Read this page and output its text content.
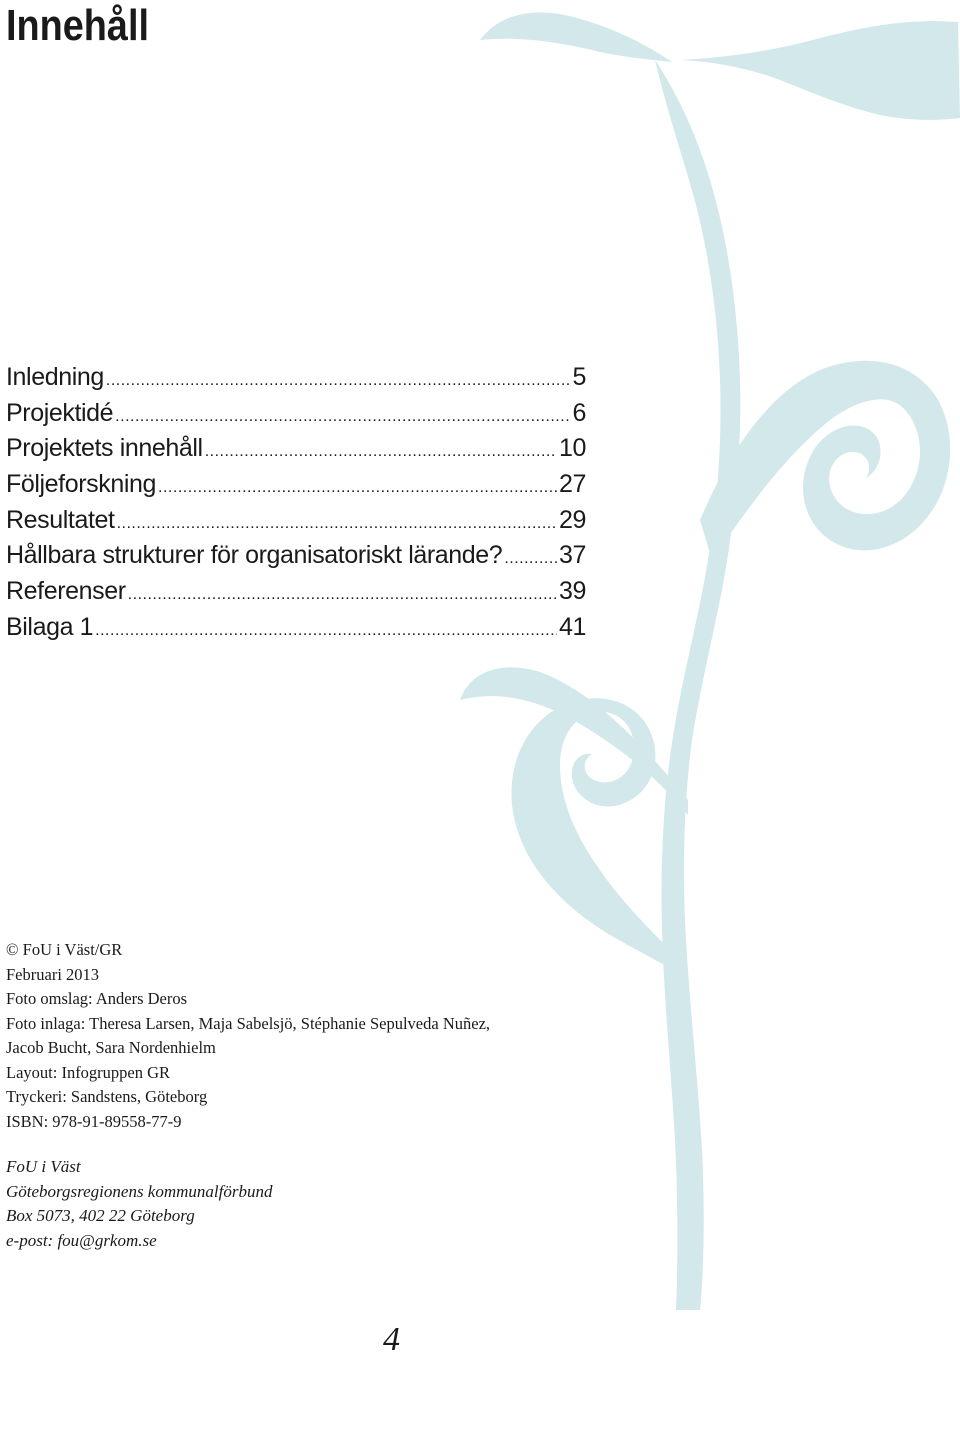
Innehåll
Inledning .....	5
Projektidé .....	6
Projektets innehåll .....	10
Följeforskning .....	27
Resultatet .....	29
Hållbara strukturer för organisatoriskt lärande? ..... 37
Referenser .....	39
Bilaga 1 .....	41

© FoU i Väst/GR

Februari 2013

Foto omslag: Anders Deros

Foto inlaga: Theresa Larsen, Maja Sabelsjö, Stéphanie Sepulveda Nuñez,

Jacob Bucht, Sara Nordenhielm

Layout: Infogruppen GR

Tryckeri: Sandstens, Göteborg

ISBN: 978-91-89558-77-9

FoU i Väst

Göteborgsregionens kommunalförbund

Box 5073, 402 22 Göteborg

e-post: fou@grkom.se

4
